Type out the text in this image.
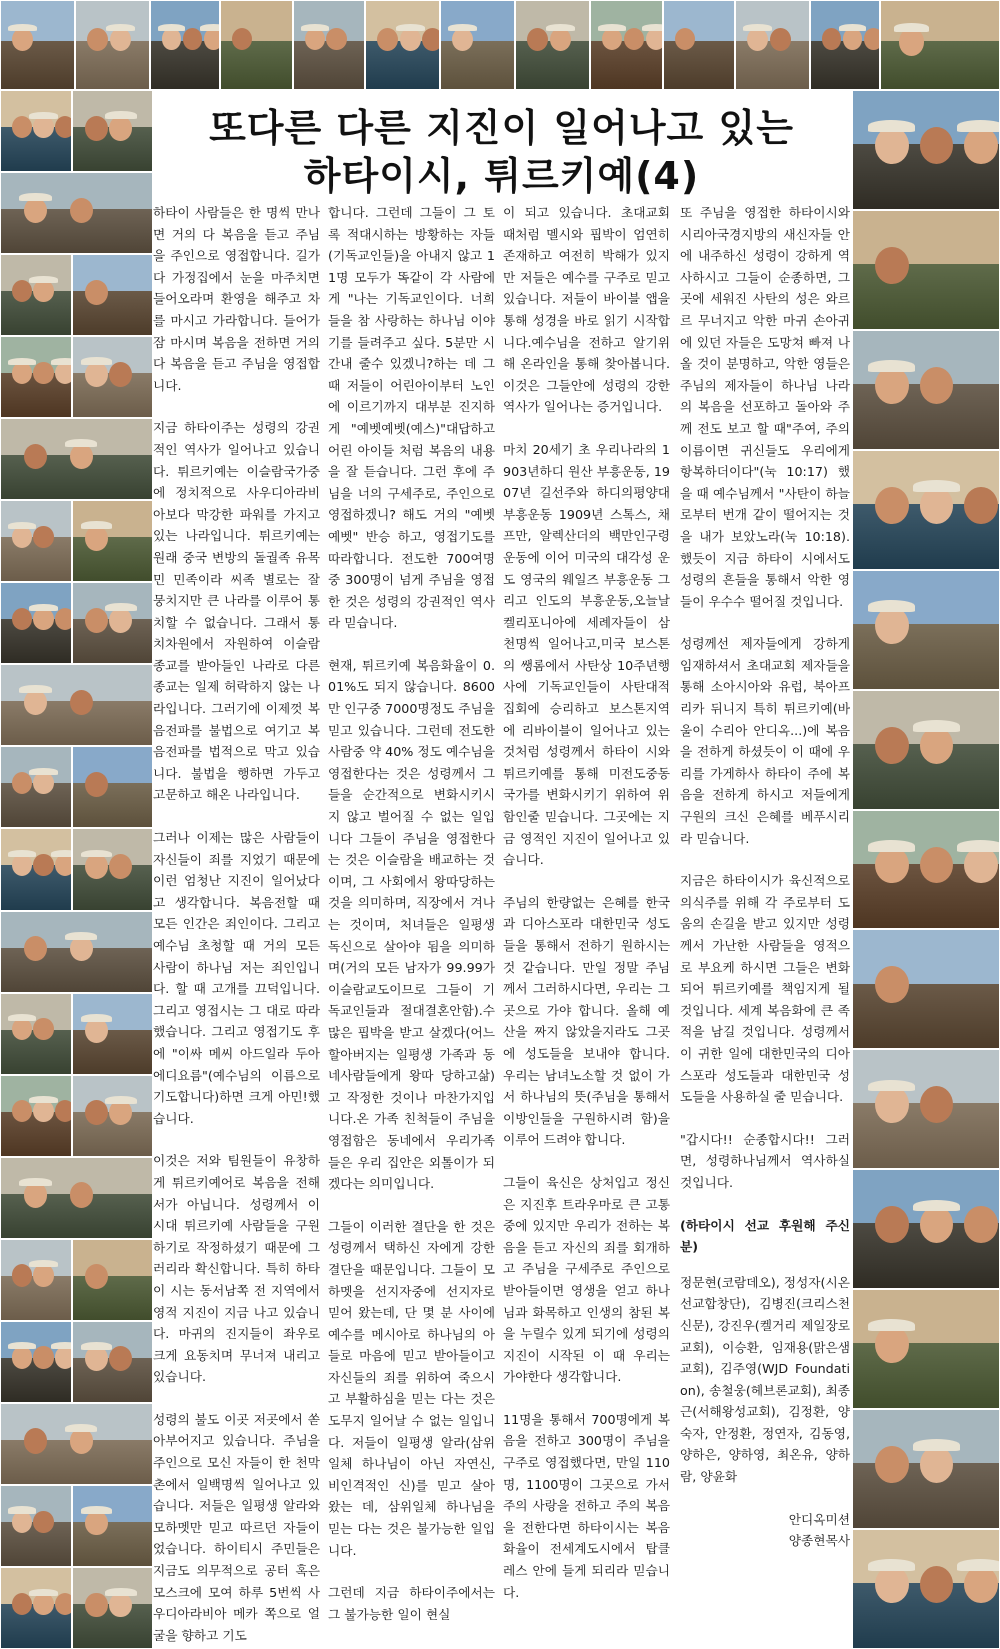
또다른 다른 지진이 일어나고 있는
하타이시, 튀르키예(4)

하타이 사람들은 한 명씩 만나면 거의 다 복음을 듣고 주님을 주인으로 영접합니다. 길가다 가정집에서 눈을 마주치면 들어오라며 환영을 해주고 차를 마시고 가라합니다. 들어가 잠 마시며 복음을 전하면 거의 다 복음을 듣고 주님을 영접합니다.

지금 하타이주는 성령의 강권적인 역사가 일어나고 있습니다. 튀르키예는 이슬람국가중에 정치적으로 사우디아라비아보다 막강한 파워를 가지고 있는 나라입니다. 튀르키예는 원래 중국 변방의 돌궐족 유목민 민족이라 씨족 별로는 잘 뭉치지만 큰 나라를 이루어 통치할 수 없습니다. 그래서 통치차원에서 자원하여 이슬람 종교를 받아들인 나라로 다른 종교는 일제 허락하지 않는 나라입니다. 그러기에 이제껏 복음전파를 불법으로 여기고 복음전파를 법적으로 막고 있습니다. 불법을 행하면 가두고 고문하고 해온 나라입니다.

그러나 이제는 많은 사람들이 자신들이 죄를 지었기 때문에 이런 엄청난 지진이 일어났다고 생각합니다. 복음전할 때 모든 인간은 죄인이다. 그리고 예수님 초청할 때 거의 모든 사람이 하나님 저는 죄인입니다. 할 때 고개를 끄덕입니다. 그리고 영접시는 그 대로 따라했습니다. 그리고 영접기도 후에 "이싸 메씨 아드일라 두아 에디요름"(예수님의 이름으로 기도합니다)하면 크게 아민!했습니다.

이것은 저와 팀원들이 유창하게 튀르키예어로 복음을 전해서가 아닙니다. 성령께서 이 시대 튀르키예 사람들을 구원하기로 작정하셨기 때문에 그러리라 확신합니다. 특히 하타이 시는 동서남쪽 전 지역에서 영적 지진이 지금 나고 있습니다. 마귀의 진지들이 좌우로 크게 요동치며 무너져 내리고 있습니다.

성령의 불도 이곳 저곳에서 쏟아부어지고 있습니다. 주님을 주인으로 모신 자들이 한 천막촌에서 일백명씩 일어나고 있습니다. 저들은 일평생 알라와 모하멧만 믿고 따르던 자들이었습니다. 하이티시 주민들은 지금도 의무적으로 공터 혹은 모스크에 모여 하루 5번씩 사우디아라비아 메카 쪽으로 얼굴을 향하고 기도

합니다. 그런데 그들이 그 토록 적대시하는 방황하는 자들(기독교인들)을 아내지 않고 11명 모두가 똑같이 각 사람에게 "나는 기독교인이다. 너희들을 참 사랑하는 하나님 이야기를 들려주고 싶다. 5분만 시간내 줄수 있겠니?하는 데 그때 저들이 어린아이부터 노인에 이르기까지 대부분 진지하게 "예벳예벳(예스)"대답하고 어린 아이들 처럼 복음의 내용을 잘 듣습니다. 그런 후에 주님을 너의 구세주로, 주인으로 영접하겠니? 해도 거의 "예벳 예벳" 반승 하고, 영접기도를 따라합니다. 전도한 700여명 중 300명이 넘게 주님을 영접한 것은 성령의 강권적인 역사라 믿습니다.

현재, 튀르키예 복음화율이 0.01%도 되지 않습니다. 8600만 인구중 7000명정도 주님을 믿고 있습니다. 그런데 전도한 사람중 약 40% 정도 예수님을 영접한다는 것은 성령께서 그들을 순간적으로 변화시키시지 않고 벌어질 수 없는 일입니다 그들이 주님을 영접한다는 것은 이슬람을 배교하는 것이며, 그 사회에서 왕따당하는 것을 의미하며, 직장에서 겨나는 것이며, 처녀들은 일평생 독신으로 살아야 됨을 의미하며(거의 모든 남자가 99.99가 이슬람교도이므로 그들이 기독교인들과 절대결혼안함).수많은 핍박을 받고 살겠다(어느할아버지는 일평생 가족과 동네사람들에게 왕따 당하고삶)고 작정한 것이나 마찬가지입니다.온 가족 친척들이 주님을 영접함은 동네에서 우리가족들은 우리 집안은 외톨이가 되겠다는 의미입니다.

그들이 이러한 결단을 한 것은 성령께서 택하신 자에게 강한 결단을 때문입니다. 그들이 모하멧을 선지자중에 선지자로 믿어 왔는데, 단 몇 분 사이에 예수를 메시아로 하나님의 아들로 마음에 믿고 받아들이고 자신들의 죄를 위하여 죽으시고 부활하심을 믿는 다는 것은 도무지 일어날 수 없는 일입니다. 저들이 일평생 알라(삼위일체 하나님이 아닌 자연신, 비인격적인 신)를 믿고 살아 왔는 데, 삼위일체 하나님을 믿는 다는 것은 불가능한 일입니다.

그런데 지금 하타이주에서는 그 불가능한 일이 현실

이 되고 있습니다. 초대교회 때처럼 멜시와 핍박이 엄연히 존재하고 여전히 박해가 있지만 저들은 예수를 구주로 믿고 있습니다. 저들이 바이블 앱을 통해 성경을 바로 읽기 시작합니다.예수님을 전하고 알기위해 온라인을 통해 찾아봅니다. 이것은 그들안에 성령의 강한 역사가 일어나는 증거입니다.

마치 20세기 초 우리나라의 1903년하디 원산 부흥운동, 1907년 길선주와 하디의평양대부흥운동 1909년 스톡스, 채프만, 알렉산더의 백만인구령운동에 이어 미국의 대각성 운도 영국의 웨일즈 부흥운동 그리고 인도의 부흥운동,오늘날 켈리포니아에 세례자들이 삼천명씩 일어나고,미국 보스톤의 쌩롬에서 사탄상 10주년행사에 기독교인들이 사탄대적집회에 승리하고 보스톤지역에 리바이블이 일어나고 있는 것처럼 성령께서 하타이 시와 튀르키예를 통해 미전도중동국가를 변화시키기 위하여 위함인줄 믿습니다. 그곳에는 지금 영적인 지진이 일어나고 있습니다.

주님의 한량없는 은혜를 한국과 디아스포라 대한민국 성도들을 통해서 전하기 원하시는 것 같습니다. 만일 정말 주님께서 그러하시다면, 우리는 그곳으로 가야 합니다. 올해 예산을 짜지 않았을지라도 그곳에 성도들을 보내야 합니다. 우리는 남녀노소할 것 없이 가서 하나님의 뜻(주님을 통해서 이방인들을 구원하시려 함)을 이루어 드려야 합니다.

그들이 육신은 상처입고 정신은 지진후 트라우마로 큰 고통중에 있지만 우리가 전하는 복음을 듣고 자신의 죄를 회개하고 주님을 구세주로 주인으로 받아들이면 영생을 얻고 하나님과 화목하고 인생의 참된 복을 누릴수 있게 되기에 성령의 지진이 시작된 이 때 우리는 가야한다 생각합니다.

11명을 통해서 700명에게 복음을 전하고 300명이 주님을 구주로 영접했다면, 만일 110명, 1100명이 그곳으로 가서 주의 사랑을 전하고 주의 복음을 전한다면 하타이시는 복음화율이 전세계도시에서 탑클레스 안에 들게 되리라 믿습니다.

또 주님을 영접한 하타이시와 시리아국경지방의 새신자들 안에 내주하신 성령이 강하게 역사하시고 그들이 순종하면, 그곳에 세워진 사탄의 성은 와르르 무너지고 악한 마귀 손아귀에 있던 자들은 도망쳐 빠져 나올 것이 분명하고, 악한 영들은 주님의 제자들이 하나님 나라의 복음을 선포하고 돌아와 주께 전도 보고 할 때"주여, 주의 이름이면 귀신들도 우리에게 항복하더이다"(눅 10:17) 했을 때 예수님께서 "사탄이 하늘로부터 번개 같이 떨어지는 것을 내가 보았노라(눅 10:18). 했듯이 지금 하타이 시에서도 성령의 흔들을 통해서 악한 영들이 우수수 떨어질 것입니다.

성령께선 제자들에게 강하게 임재하셔서 초대교회 제자들을 통해 소아시아와 유럽, 북아프리카 뒤니지 특히 튀르키예(바울이 수리아 안디옥...)에 복음을 전하게 하셨듯이 이 때에 우리를 가게하사 하타이 주에 복음을 전하게 하시고 저들에게 구원의 크신 은혜를 베푸시리라 믿습니다.

지금은 하타이시가 육신적으로 의식주를 위해 각 주로부터 도움의 손길을 받고 있지만 성령께서 가난한 사람들을 영적으로 부요케 하시면 그들은 변화되어 튀르키예를 책임지게 될 것입니다. 세계 복음화에 큰 족적을 남길 것입니다. 성령께서 이 귀한 일에 대한민국의 디아스포라 성도들과 대한민국 성도들을 사용하실 줄 믿습니다.

"갑시다!! 순종합시다!! 그러면, 성령하나님께서 역사하실 것입니다.

(하타이시 선교 후원해 주신 분)

정문현(코람데오), 정성자(시온선교합창단), 김병진(크리스천신문), 강진우(켈거리 제일장로교회), 이승환, 임재용(맑은샘교회), 김주영(WJD Foundation), 송철웅(헤브론교회), 최종근(서해왕성교회), 김정환, 양숙자, 안정환, 정연자, 김동영, 양하은, 양하영, 최온유, 양하람, 양윤화

안디옥미션
양종현목사
